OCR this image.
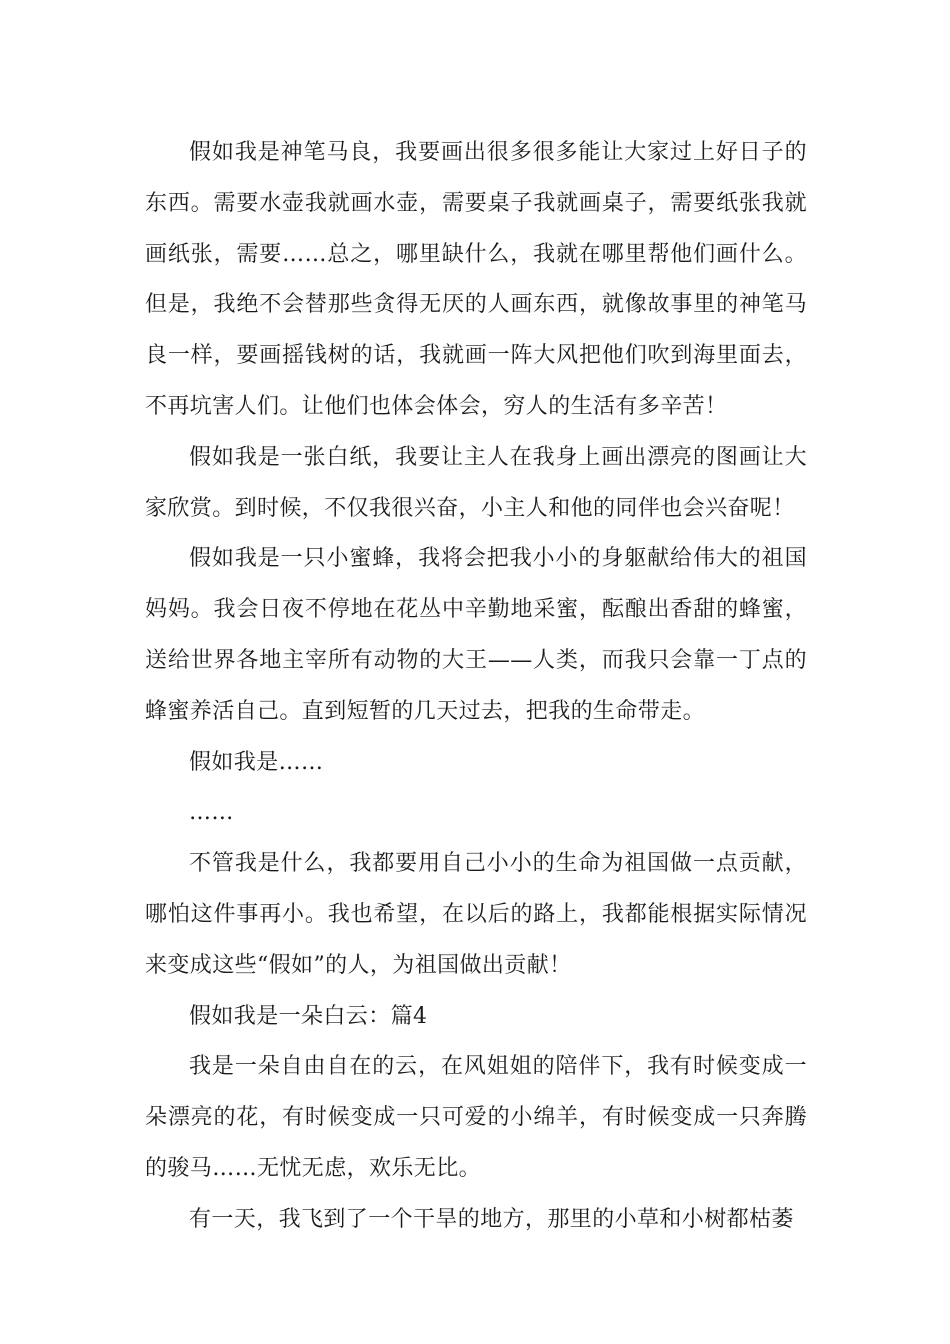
假如我是神笔马良，我要画出很多很多能让大家过上好日子的东西。需要水壶我就画水壶，需要桌子我就画桌子，需要纸张我就画纸张，需要……总之，哪里缺什么，我就在哪里帮他们画什么。但是，我绝不会替那些贪得无厌的人画东西，就像故事里的神笔马良一样，要画摇钱树的话，我就画一阵大风把他们吹到海里面去，不再坑害人们。让他们也体会体会，穷人的生活有多辛苦！

假如我是一张白纸，我要让主人在我身上画出漂亮的图画让大家欣赏。到时候，不仅我很兴奋，小主人和他的同伴也会兴奋呢！

假如我是一只小蜜蜂，我将会把我小小的身躯献给伟大的祖国妈妈。我会日夜不停地在花丛中辛勤地采蜜，酝酿出香甜的蜂蜜，送给世界各地主宰所有动物的大王——人类，而我只会靠一丁点的蜂蜜养活自己。直到短暂的几天过去，把我的生命带走。

假如我是……

……

不管我是什么，我都要用自己小小的生命为祖国做一点贡献，哪怕这件事再小。我也希望，在以后的路上，我都能根据实际情况来变成这些“假如”的人，为祖国做出贡献！

假如我是一朵白云：篇4

我是一朵自由自在的云，在风姐姐的陪伴下，我有时候变成一朵漂亮的花，有时候变成一只可爱的小绵羊，有时候变成一只奔腾的骏马……无忧无虑，欢乐无比。

有一天，我飞到了一个干旱的地方，那里的小草和小树都枯萎
